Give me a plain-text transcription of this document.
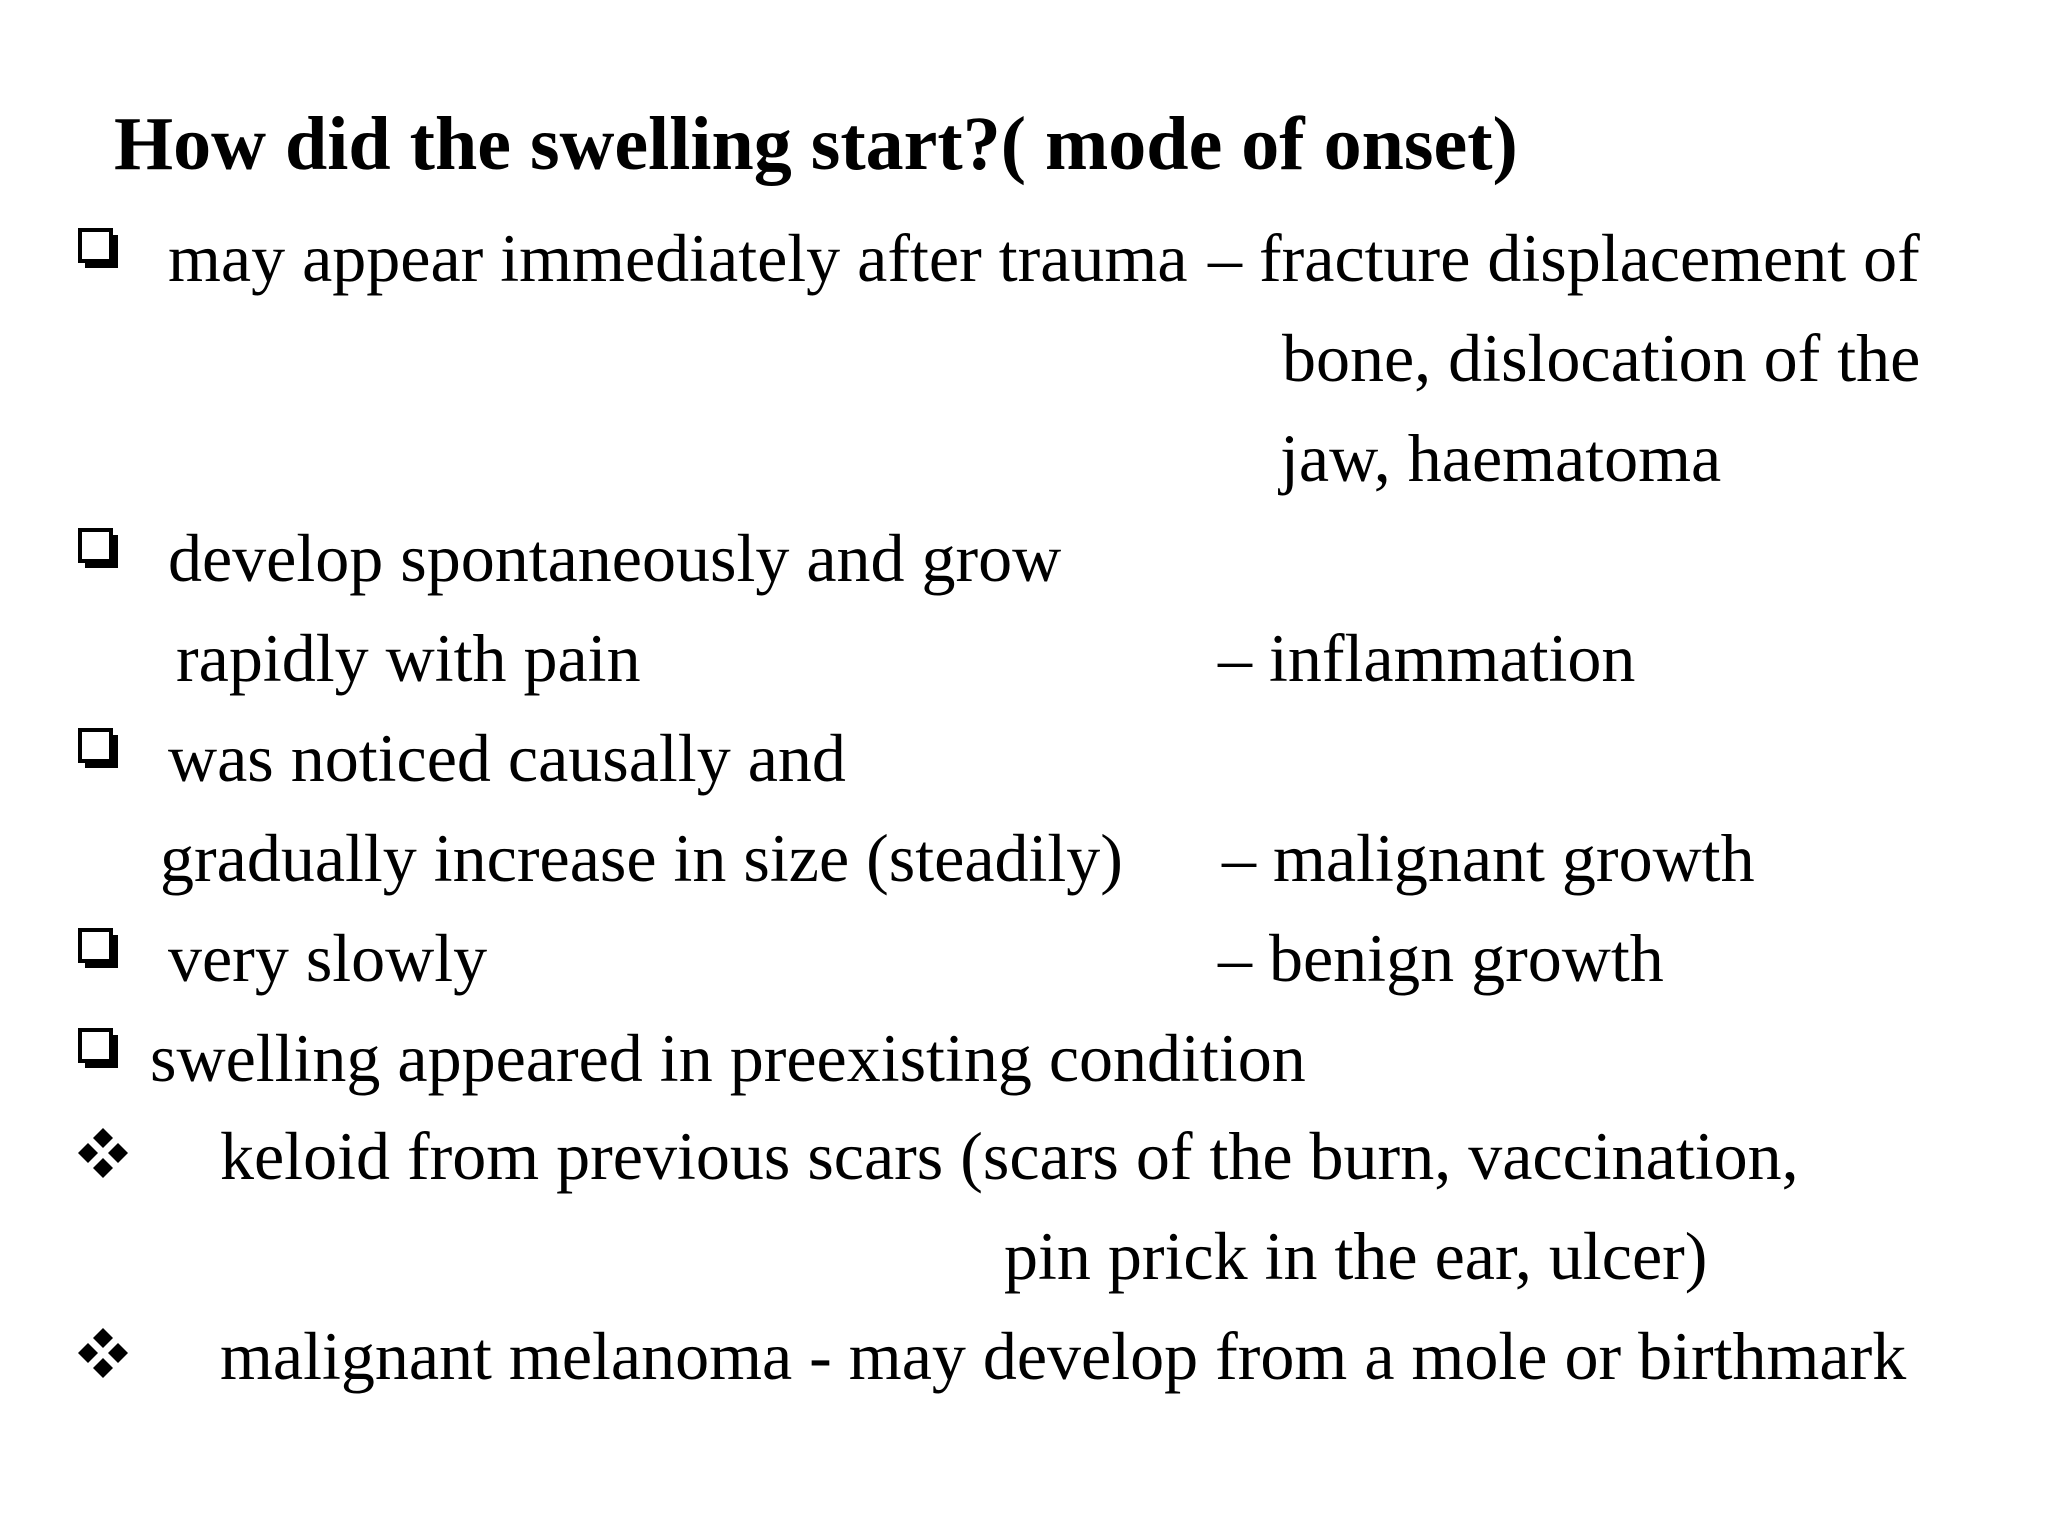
How did the swelling start?( mode of onset)
may appear immediately after trauma – fracture displacement of
bone, dislocation of the
jaw, haematoma
develop spontaneously and grow
rapidly with pain	– inflammation
was noticed causally and
gradually increase in size (steadily) – malignant growth
very slowly	– benign growth
swelling appeared in preexisting condition
keloid from previous scars (scars of the burn, vaccination,
pin prick in the ear, ulcer)
malignant melanoma - may develop from a mole or birthmark
